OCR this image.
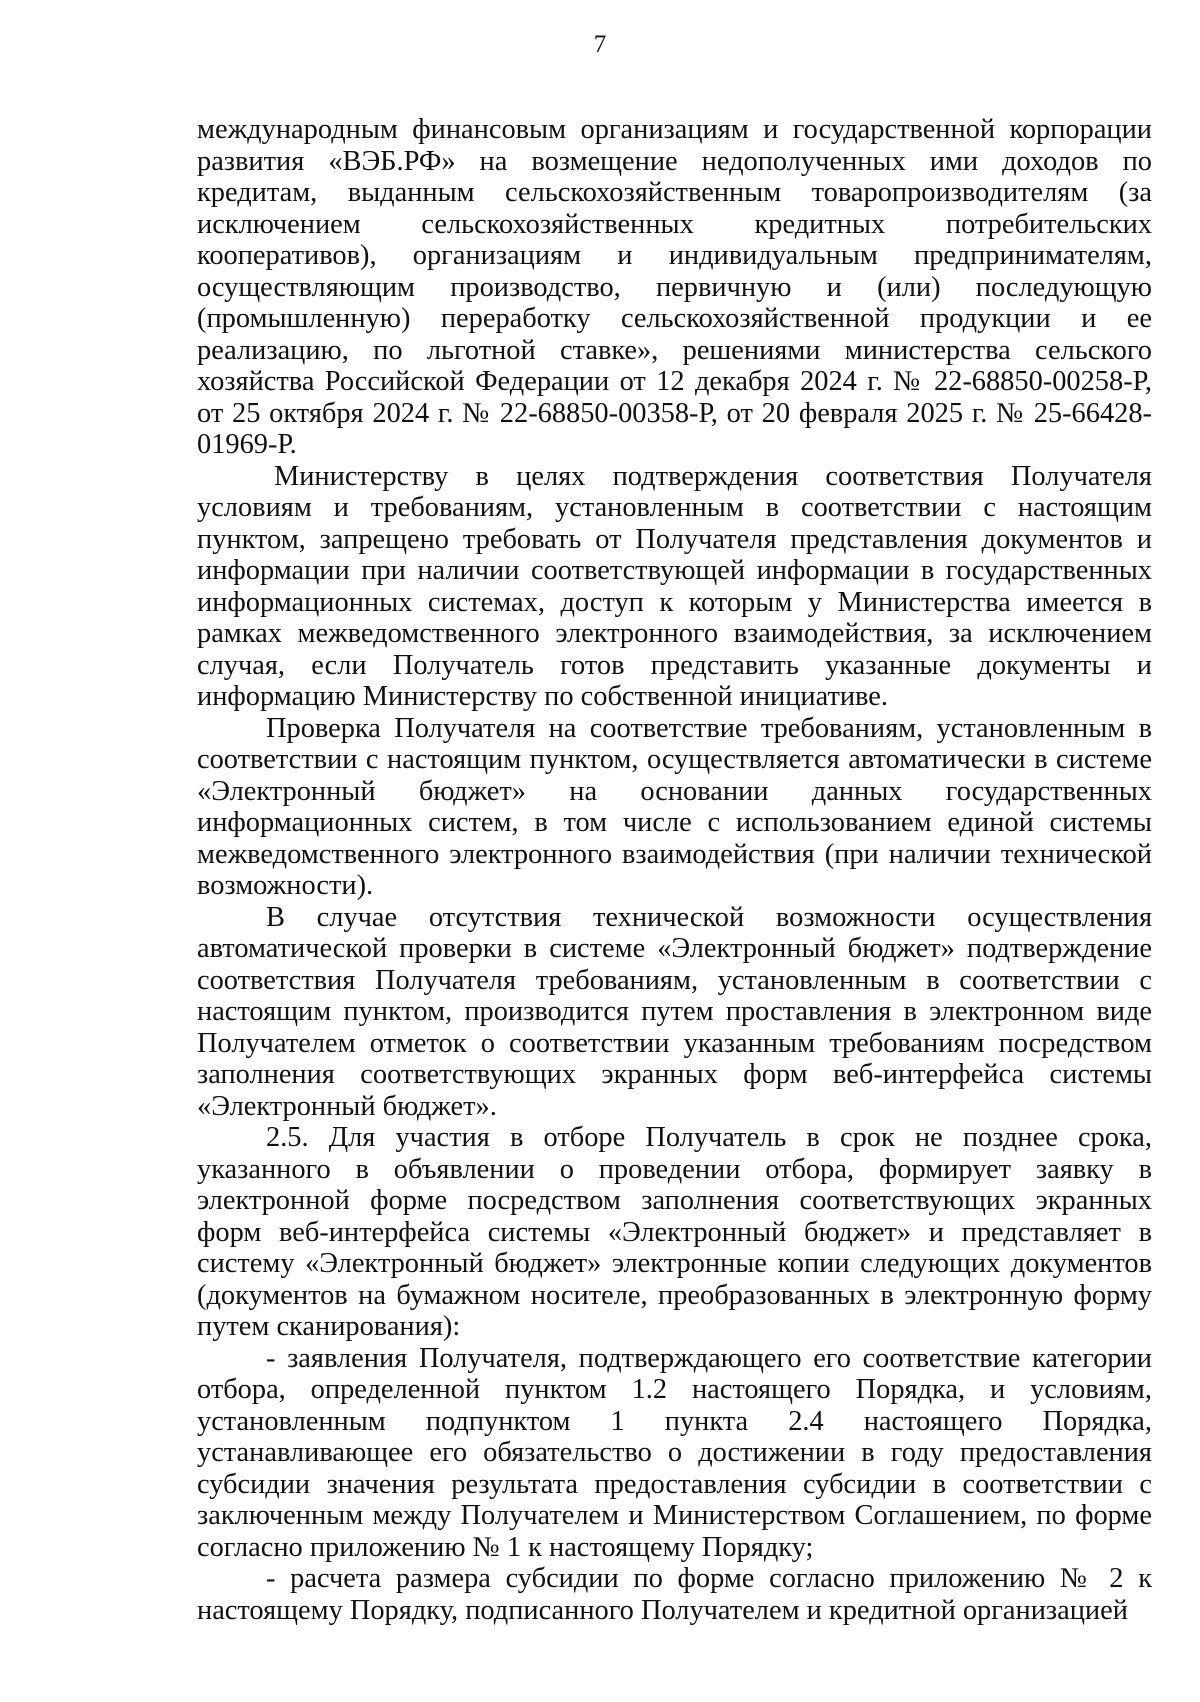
7

международным финансовым организациям и государственной корпорации развития «ВЭБ.РФ» на возмещение недополученных ими доходов по кредитам, выданным сельскохозяйственным товаропроизводителям (за исключением сельскохозяйственных кредитных потребительских кооперативов), организациям и индивидуальным предпринимателям, осуществляющим производство, первичную и (или) последующую (промышленную) переработку сельскохозяйственной продукции и ее реализацию, по льготной ставке», решениями министерства сельского хозяйства Российской Федерации от 12 декабря 2024 г. № 22-68850-00258-Р, от 25 октября 2024 г. № 22-68850-00358-Р, от 20 февраля 2025 г. № 25-66428-01969-Р.

Министерству в целях подтверждения соответствия Получателя условиям и требованиям, установленным в соответствии с настоящим пунктом, запрещено требовать от Получателя представления документов и информации при наличии соответствующей информации в государственных информационных системах, доступ к которым у Министерства имеется в рамках межведомственного электронного взаимодействия, за исключением случая, если Получатель готов представить указанные документы и информацию Министерству по собственной инициативе.

Проверка Получателя на соответствие требованиям, установленным в соответствии с настоящим пунктом, осуществляется автоматически в системе «Электронный бюджет» на основании данных государственных информационных систем, в том числе с использованием единой системы межведомственного электронного взаимодействия (при наличии технической возможности).

В случае отсутствия технической возможности осуществления автоматической проверки в системе «Электронный бюджет» подтверждение соответствия Получателя требованиям, установленным в соответствии с настоящим пунктом, производится путем проставления в электронном виде Получателем отметок о соответствии указанным требованиям посредством заполнения соответствующих экранных форм веб-интерфейса системы «Электронный бюджет».

2.5. Для участия в отборе Получатель в срок не позднее срока, указанного в объявлении о проведении отбора, формирует заявку в электронной форме посредством заполнения соответствующих экранных форм веб-интерфейса системы «Электронный бюджет» и представляет в систему «Электронный бюджет» электронные копии следующих документов (документов на бумажном носителе, преобразованных в электронную форму путем сканирования):

- заявления Получателя, подтверждающего его соответствие категории отбора, определенной пунктом 1.2 настоящего Порядка, и условиям, установленным подпунктом 1 пункта 2.4 настоящего Порядка, устанавливающее его обязательство о достижении в году предоставления субсидии значения результата предоставления субсидии в соответствии с заключенным между Получателем и Министерством Соглашением, по форме согласно приложению № 1 к настоящему Порядку;

- расчета размера субсидии по форме согласно приложению № 2 к настоящему Порядку, подписанного Получателем и кредитной организацией
